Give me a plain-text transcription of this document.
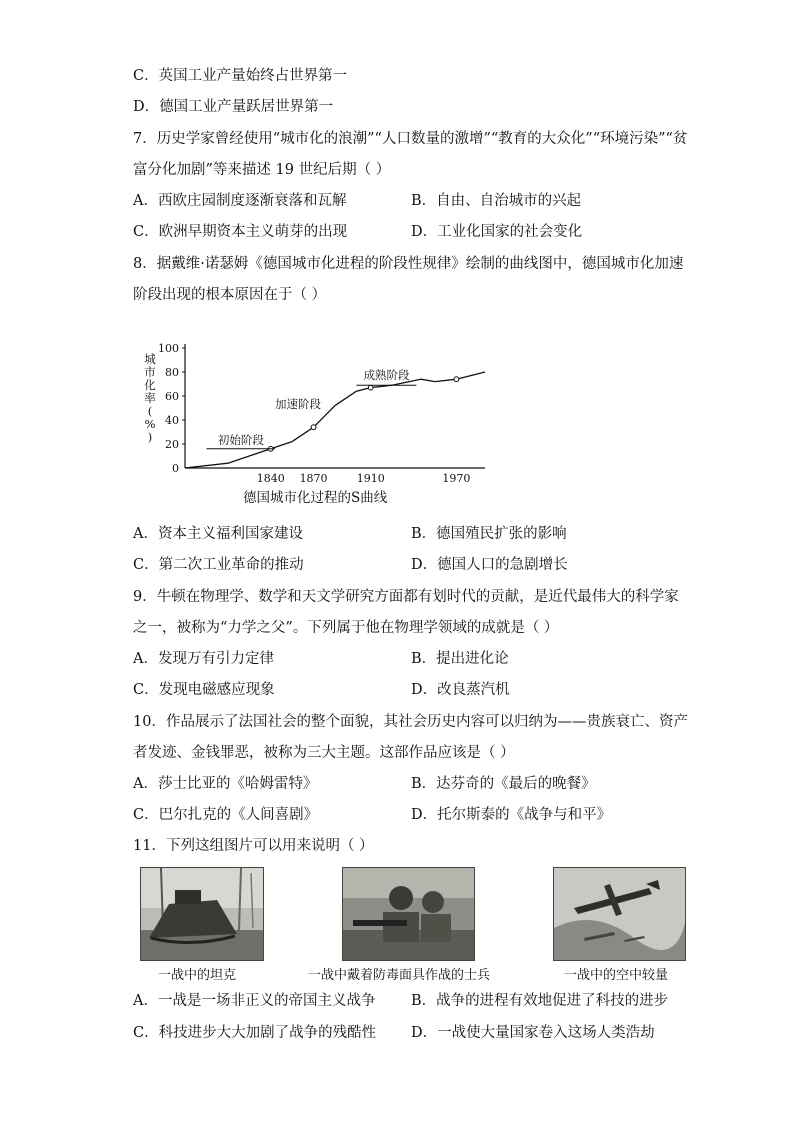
C．英国工业产量始终占世界第一
D．德国工业产量跃居世界第一
7．历史学家曾经使用“城市化的浪潮”“人口数量的激增”“教育的大众化”“环境污染”“贫
富分化加剧”等来描述 19 世纪后期（ ）
A．西欧庄园制度逐渐衰落和瓦解	B．自由、自治城市的兴起
C．欧洲早期资本主义萌芽的出现	D．工业化国家的社会变化
8．据戴维·诺瑟姆《德国城市化进程的阶段性规律》绘制的曲线图中，德国城市化加速
阶段出现的根本原因在于（ ）
0
20
40
60
80
100
城
市
化
率
(
%
)
1840 1870	1910	1970
初始阶段
加速阶段
成熟阶段
德国城市化过程的S曲线
A．资本主义福利国家建设	B．德国殖民扩张的影响
C．第二次工业革命的推动	D．德国人口的急剧增长
9．牛顿在物理学、数学和天文学研究方面都有划时代的贡献，是近代最伟大的科学家
之一，被称为“力学之父”。下列属于他在物理学领域的成就是（ ）
A．发现万有引力定律	B．提出进化论
C．发现电磁感应现象	D．改良蒸汽机
10．作品展示了法国社会的整个面貌，其社会历史内容可以归纳为——贵族衰亡、资产
者发迹、金钱罪恶，被称为三大主题。这部作品应该是（ ）
A．莎士比亚的《哈姆雷特》	B．达芬奇的《最后的晚餐》
C．巴尔扎克的《人间喜剧》	D．托尔斯泰的《战争与和平》
11．下列这组图片可以用来说明（ ）
一战中的坦克	一战中戴着防毒面具作战的士兵	一战中的空中较量
A．一战是一场非正义的帝国主义战争 B．战争的进程有效地促进了科技的进步
C．科技进步大大加剧了战争的残酷性 D．一战使大量国家卷入这场人类浩劫
